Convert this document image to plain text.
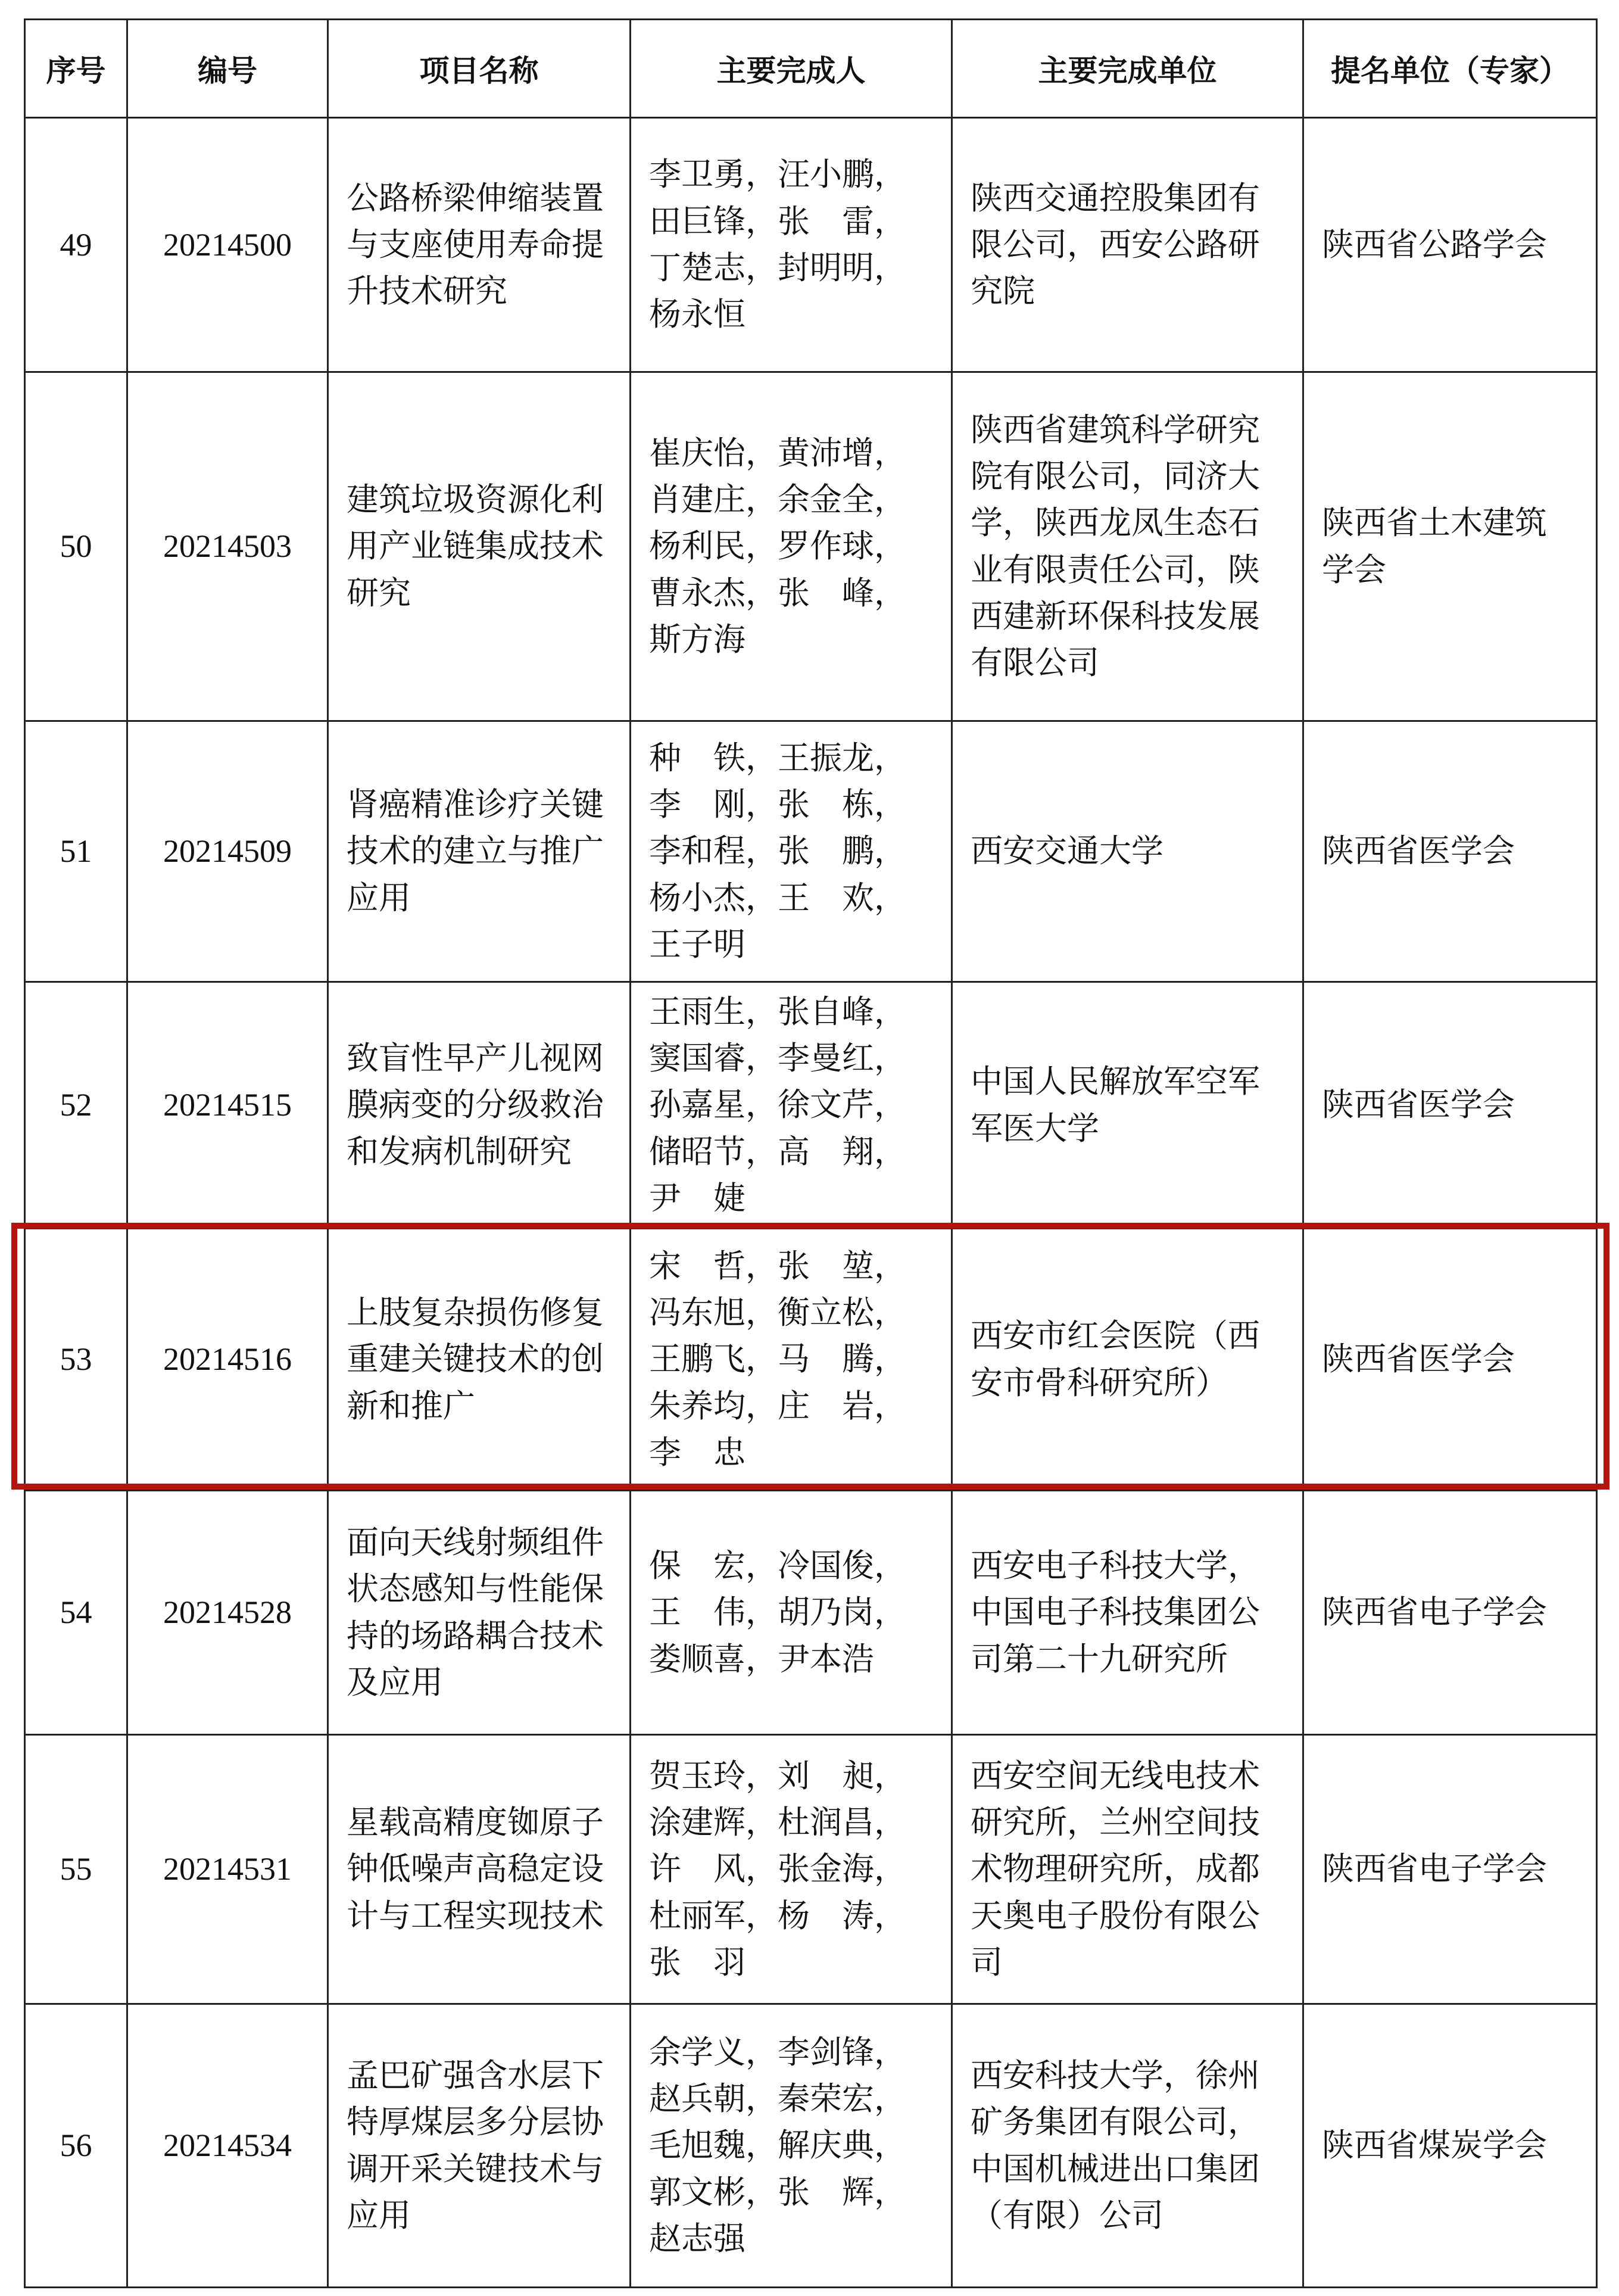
序号	编号	项目名称	主要完成人	主要完成单位	提名单位（专家）
49	20214500	公路桥梁伸缩装置与支座使用寿命提升技术研究	李卫勇，汪小鹏，
田巨锋，张　雷，
丁楚志，封明明，
杨永恒	陕西交通控股集团有限公司，西安公路研究院	陕西省公路学会
50	20214503	建筑垃圾资源化利用产业链集成技术研究	崔庆怡，黄沛增，
肖建庄，余金全，
杨利民，罗作球，
曹永杰，张　峰，
斯方海	陕西省建筑科学研究院有限公司，同济大学，陕西龙凤生态石业有限责任公司，陕西建新环保科技发展有限公司	陕西省土木建筑学会
51	20214509	肾癌精准诊疗关键技术的建立与推广应用	种　铁，王振龙，
李　刚，张　栋，
李和程，张　鹏，
杨小杰，王　欢，
王子明	西安交通大学	陕西省医学会
52	20214515	致盲性早产儿视网膜病变的分级救治和发病机制研究	王雨生，张自峰，
窦国睿，李曼红，
孙嘉星，徐文芹，
储昭节，高　翔，
尹　婕	中国人民解放军空军军医大学	陕西省医学会
53	20214516	上肢复杂损伤修复重建关键技术的创新和推广	宋　哲，张　堃，
冯东旭，衡立松，
王鹏飞，马　腾，
朱养均，庄　岩，
李　忠	西安市红会医院（西安市骨科研究所）	陕西省医学会
54	20214528	面向天线射频组件状态感知与性能保持的场路耦合技术及应用	保　宏，冷国俊，
王　伟，胡乃岗，
娄顺喜，尹本浩	西安电子科技大学，中国电子科技集团公司第二十九研究所	陕西省电子学会
55	20214531	星载高精度铷原子钟低噪声高稳定设计与工程实现技术	贺玉玲，刘　昶，
涂建辉，杜润昌，
许　风，张金海，
杜丽军，杨　涛，
张　羽	西安空间无线电技术研究所，兰州空间技术物理研究所，成都天奥电子股份有限公司	陕西省电子学会
56	20214534	孟巴矿强含水层下特厚煤层多分层协调开采关键技术与应用	余学义，李剑锋，
赵兵朝，秦荣宏，
毛旭魏，解庆典，
郭文彬，张　辉，
赵志强	西安科技大学，徐州矿务集团有限公司，中国机械进出口集团（有限）公司	陕西省煤炭学会
